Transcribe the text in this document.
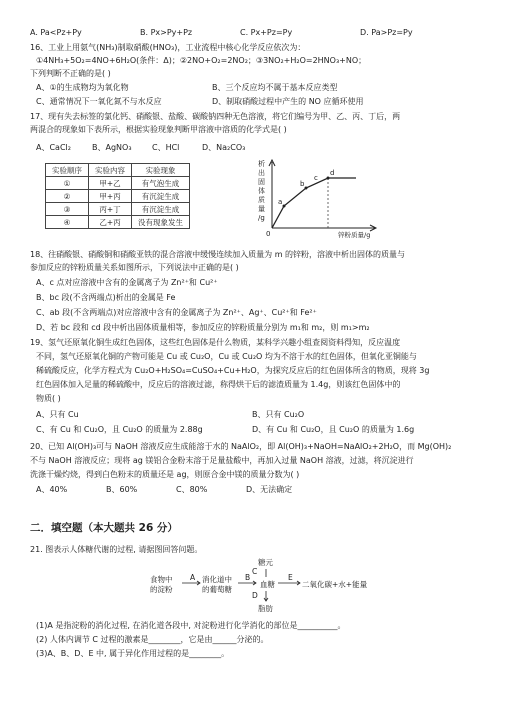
A. Pa<Pz+Py	B. Px>Py+Pz	C. Px+Pz=Py	D. Pa>Pz=Py
16、工业上用氨气(NH₃)制取硝酸(HNO₃)，工业流程中核心化学反应依次为：
①4NH₃+5O₂=4NO+6H₂O(条件：Δ)；②2NO+O₂=2NO₂；③3NO₂+H₂O=2HNO₃+NO；
下列判断不正确的是( )
A、①的生成物均为氧化物	B、三个反应均不属于基本反应类型
C、通常情况下一氧化氮不与水反应	D、制取硝酸过程中产生的 NO 应循环使用
17、现有失去标签的氯化钙、硝酸银、盐酸、碳酸钠四种无色溶液，将它们编号为甲、乙、丙、丁后，两
两混合的现象如下表所示，根据实验现象判断甲溶液中溶质的化学式是( )
A、CaCl₂	B、AgNO₃	C、HCl	D、Na₂CO₃
实验顺序	实验内容	实验现象
①	甲+乙	有气泡生成
②	甲+丙	有沉淀生成
③	丙+丁	有沉淀生成
④	乙+丙	没有现象发生
析
出
固
体
质
量
/g
a
b
c
d
0	锌粉质量/g
18、往硝酸银、硝酸铜和硝酸亚铁的混合溶液中缓慢连续加入质量为 m 的锌粉，溶液中析出固体的质量与
参加反应的锌粉质量关系如图所示，下列说法中正确的是( )
A、c 点对应溶液中含有的金属离子为 Zn²⁺和 Cu²⁺
B、bc 段(不含两端点)析出的金属是 Fe
C、ab 段(不含两端点)对应溶液中含有的金属离子为 Zn²⁺、Ag⁺、Cu²⁺和 Fe²⁺
D、若 bc 段和 cd 段中析出固体质量相等，参加反应的锌粉质量分别为 m₁和 m₂，则 m₁>m₂
19、氢气还原氧化铜生成红色固体，这些红色固体是什么物质，某科学兴趣小组查阅资料得知，反应温度
不同，氢气还原氧化铜的产物可能是 Cu 或 Cu₂O，Cu 或 Cu₂O 均为不溶于水的红色固体，但氧化亚铜能与
稀硫酸反应，化学方程式为 Cu₂O+H₂SO₄=CuSO₄+Cu+H₂O，为探究反应后的红色固体所含的物质，现将 3g
红色固体加入足量的稀硫酸中，反应后的溶液过滤，称得烘干后的滤渣质量为 1.4g，则该红色固体中的
物质( )
A、只有 Cu	B、只有 Cu₂O
C、有 Cu 和 Cu₂O，且 Cu₂O 的质量为 2.88g	D、有 Cu 和 Cu₂O，且 Cu₂O 的质量为 1.6g
20、已知 Al(OH)₃可与 NaOH 溶液反应生成能溶于水的 NaAlO₂，即 Al(OH)₃+NaOH=NaAlO₂+2H₂O，而 Mg(OH)₂
不与 NaOH 溶液反应；现将 ag 镁铝合金粉末溶于足量盐酸中，再加入过量 NaOH 溶液，过滤，将沉淀进行
洗涤干燥灼烧，得到白色粉末的质量还是 ag，则原合金中镁的质量分数为( )
A、40%	B、60%	C、80%	D、无法确定
二．填空题（本大题共 26 分）
21. 图表示人体糖代谢的过程, 请据图回答问题。
食物中
的淀粉
A 消化道中
的葡萄糖
B
糖元
C
血糖
D
脂肪
E
二氧化碳+水+能量
(1)A 是指淀粉的消化过程, 在消化道各段中, 对淀粉进行化学消化的部位是__________。
(2) 人体内调节 C 过程的激素是________，它是由______分泌的。
(3)A、B、D、E 中, 属于异化作用过程的是________。
